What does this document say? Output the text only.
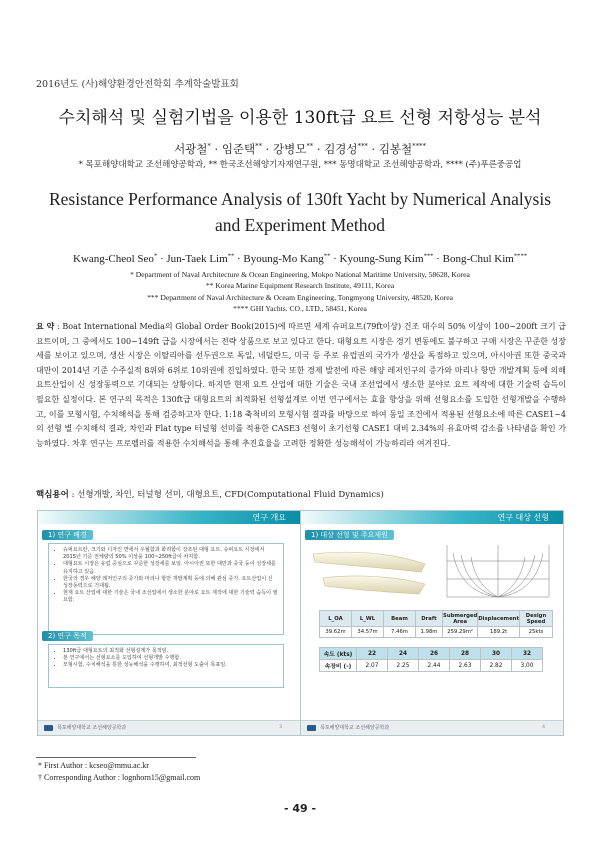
2016년도 (사)해양환경안전학회 추계학술발표회
수치해석 및 실험기법을 이용한 130ft급 요트 선형 저항성능 분석
서광철* · 임준택** · 강병모** · 김경성*** · 김봉철****
* 목포해양대학교 조선해양공학과, ** 한국조선해양기자재연구원, *** 동명대학교 조선해양공학과, **** (주)푸른중공업
Resistance Performance Analysis of 130ft Yacht by Numerical Analysis
and Experiment Method
Kwang-Cheol Seo* · Jun-Taek Lim** · Byoung-Mo Kang** · Kyoung-Sung Kim*** · Bong-Chul Kim****
* Department of Naval Architecture & Ocean Engineering, Mokpo National Maritime University, 58628, Korea
** Korea Marine Equipment Research Institute, 49111, Korea
*** Department of Naval Architecture & Oceam Engineering, Tongmyong University, 48520, Korea
**** GHI Yachts. CO., LTD., 58451, Korea
요 약 : Boat International Media의 Global Order Book(2015)에 따르면 세계 슈퍼요트(79ft이상) 건조 대수의 50% 이상이 100~200ft 크기 급 요트이며, 그 중에서도 100~149ft 급을 시장에서는 전략 상품으로 보고 있다고 한다. 대형요트 시장은 경기 변동에도 불구하고 구매 시장은 꾸준한 성장세를 보이고 있으며, 생산 시장은 이탈리아를 선두권으로 독일, 네덜란드, 미국 등 주로 유럽권의 국가가 생산을 독점하고 있으며, 아시아권 또한 중국과 대만이 2014년 기준 수주실적 8위와 6위로 10위권에 진입하였다. 한국 또한 경제 발전에 따른 해양 레저인구의 증가와 마리나 항만 개발계획 등에 의해 요트산업이 신 성장동력으로 기대되는 상황이다. 하지만 현재 요트 산업에 대한 기술은 국내 조선업에서 생소한 분야로 요트 제작에 대한 기술력 습득이 필요한 실정이다. 본 연구의 목적은 130ft급 대형요트의 최적화된 선형설계로 이번 연구에서는 효율 향상을 위해 선형요소를 도입한 선형개발을 수행하고, 이를 모형시험, 수치해석을 통해 검증하고자 한다. 1:18 축척비의 모형시험 결과를 바탕으로 하여 동일 조건에서 적용된 선형요소에 따른 CASE1~4의 선형 별 수치해석 결과, 차인과 Flat type 터널형 선미를 적용한 CASE3 선형이 초기선형 CASE1 대비 2.34%의 유효마력 감소를 나타냄을 확인 가능하였다. 차후 연구는 프로펠러를 적용한 수치해석을 통해 추진효율을 고려한 정확한 성능해석이 가능하리라 여겨진다.
핵심용어 : 선형개발, 차인, 터널형 선미, 대형요트, CFD(Computational Fluid Dynamics)
연구 개요
1) 연구 배경
• 슈퍼요트란, 크기와 디자인 면에서 우월함과 화려함이 강조된 대형 요트. 슈퍼요트 시장에서 2015년 기준 전체량의 50% 이상을 100~250ft급이 차지함.
• 대형요트 시장은 유럽 중심으로 꾸준한 성장세를 보임. 아시아권 또한 대만과 중국 등이 성장세를 유지하고 있음.
• 한국의 경우 해양 레저인구의 증가와 마리나 항만 개발계획 등에 의해 관심 증가. 요트산업이 신 성장동력으로 기대됨.
• 현재 요트 산업에 대한 기술은 국내 조선업에서 생소한 분야로 요트 제작에 대한 기술력 습득이 필요함.
2) 연구 목적
• 130ft급 대형요트의 최적화 선형설계가 목적임.
• 본 연구에서는 선형요소를 도입하여 선형개발 수행함.
• 모형시험, 수치해석을 통한 성능해석을 수행하여, 최적선형 도출이 목표임.
목포해양대학교 조선해양공학과	3
연구 대상 선형
1) 대상 선형 및 주요제원
L_OA	L_WL	Beam	Draft	Submerged Area	Displacement	Design Speed
39.62m	34.57m	7.46m	1.98m	259.29m²	189.2t	25kts
속도 (kts)	22	24	26	28	30	32
속장비 (-)	2.07	2.25	2.44	2.63	2.82	3.00
목포해양대학교 조선해양공학과	4
* First Author : kcseo@mmu.ac.kr
† Corresponding Author : lognhorn15@gmail.com
- 49 -
